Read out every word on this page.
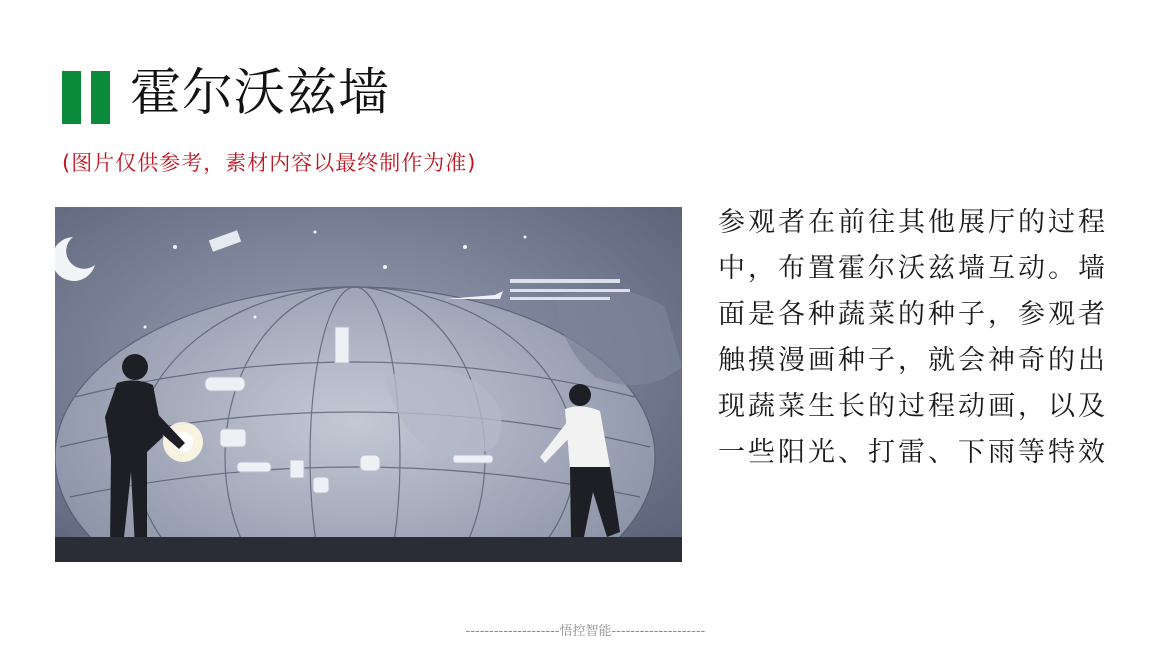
霍尔沃兹墙
(图片仅供参考，素材内容以最终制作为准)
参观者在前往其他展厅的过程中，布置霍尔沃兹墙互动。墙面是各种蔬菜的种子，参观者触摸漫画种子，就会神奇的出现蔬菜生长的过程动画，以及一些阳光、打雷、下雨等特效
--------------------悟控智能--------------------
